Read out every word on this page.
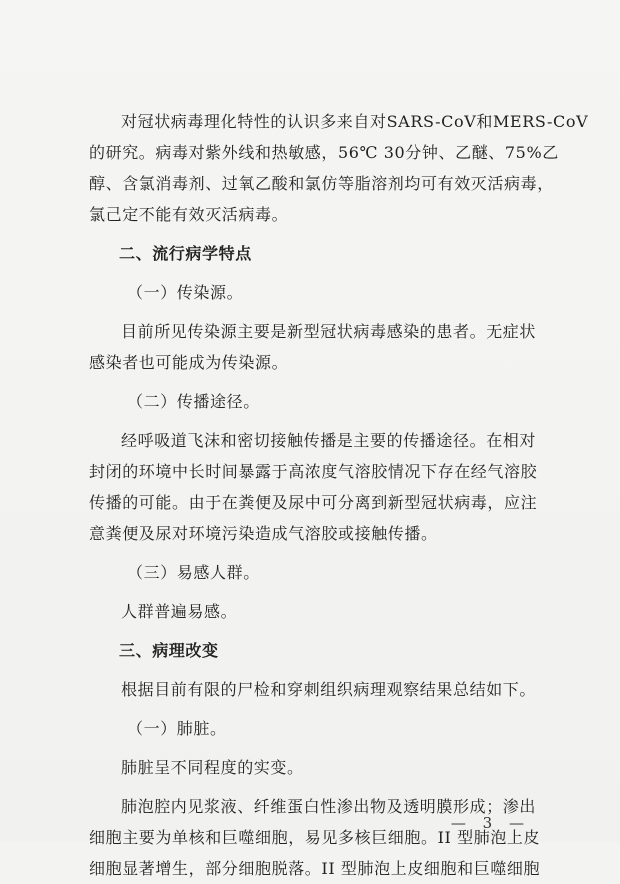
对冠状病毒理化特性的认识多来自对SARS-CoV和MERS-CoV
的研究。病毒对紫外线和热敏感，56℃ 30分钟、乙醚、75%乙
醇、含氯消毒剂、过氧乙酸和氯仿等脂溶剂均可有效灭活病毒，
氯己定不能有效灭活病毒。
二、流行病学特点
（一）传染源。
目前所见传染源主要是新型冠状病毒感染的患者。无症状
感染者也可能成为传染源。
（二）传播途径。
经呼吸道飞沫和密切接触传播是主要的传播途径。在相对
封闭的环境中长时间暴露于高浓度气溶胶情况下存在经气溶胶
传播的可能。由于在粪便及尿中可分离到新型冠状病毒，应注
意粪便及尿对环境污染造成气溶胶或接触传播。
（三）易感人群。
人群普遍易感。
三、病理改变
根据目前有限的尸检和穿刺组织病理观察结果总结如下。
（一）肺脏。
肺脏呈不同程度的实变。
肺泡腔内见浆液、纤维蛋白性渗出物及透明膜形成；渗出
细胞主要为单核和巨噬细胞，易见多核巨细胞。II 型肺泡上皮
细胞显著增生，部分细胞脱落。II 型肺泡上皮细胞和巨噬细胞
— 3 —
